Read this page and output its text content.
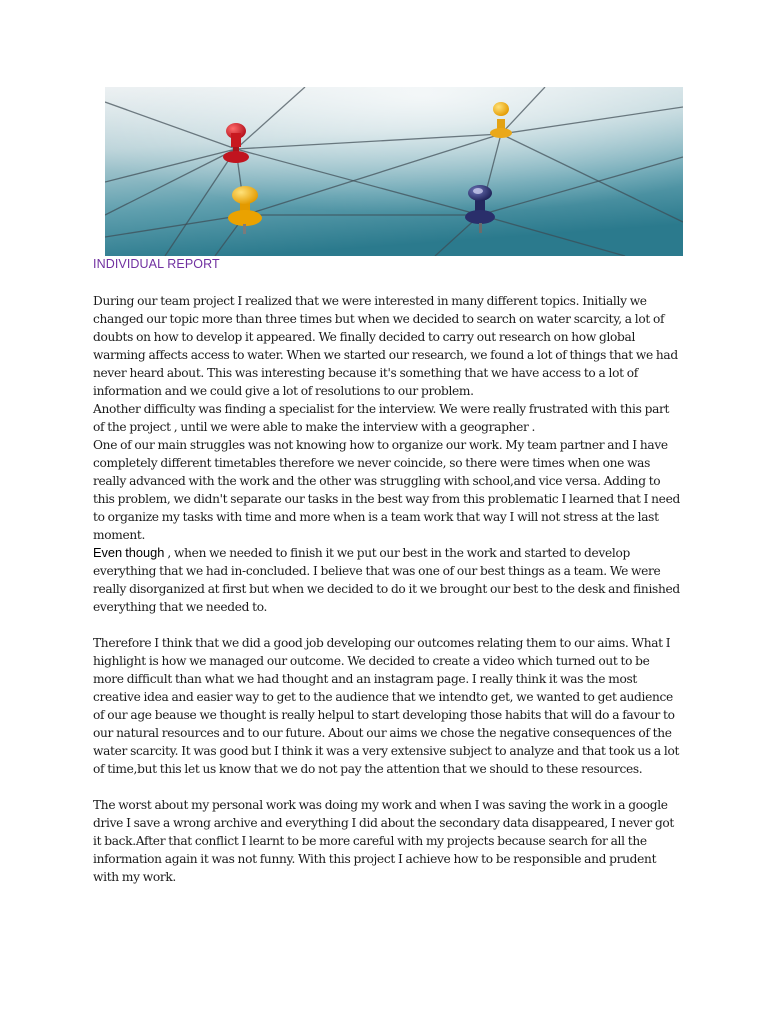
INDIVIDUAL REPORT

During our team project I realized that we were interested in many different topics. Initially we changed our topic more than three times but when we decided to search on water scarcity, a lot of doubts on how to develop it appeared. We finally decided to carry out research on how global warming affects access to water. When we started our research, we found a lot of things that we had never heard about. This was interesting because it's something that we have access to a lot of information and we could give a lot of resolutions to our problem.

Another difficulty was finding a specialist for the interview. We were really frustrated with this part of the project , until we were able to make the interview with a geographer .

One of our main struggles was not knowing how to organize our work. My team partner and I have completely different timetables therefore we never coincide, so there were times when one was really advanced with the work and the other was struggling with school,and vice versa. Adding to this problem, we didn't separate our tasks in the best way from this problematic I learned that I need to organize my tasks with time and more when is a team work that way I will not stress at the last moment.

Even though , when we needed to finish it we put our best in the work and started to develop everything that we had in-concluded. I believe that was one of our best things as a team. We were really disorganized at first but when we decided to do it we brought our best to the desk and finished everything that we needed to.

Therefore I think that we did a good job developing our outcomes relating them to our aims. What I highlight is how we managed our outcome. We decided to create a video which turned out to be more difficult than what we had thought and an instagram page. I really think it was the most creative idea and easier way to get to the audience that we intendto get, we wanted to get audience of our age beause we thought is really helpul to start developing those habits that will do a favour to our natural resources and to our future. About our aims we chose the negative consequences of the water scarcity. It was good but I think it was a very extensive subject to analyze and that took us a lot of time,but this let us know that we do not pay the attention that we should to these resources.

The worst about my personal work was doing my work and when I was saving the work in a google drive I save a wrong archive and everything I did about the secondary data disappeared, I never got it back.After that conflict I learnt to be more careful with my projects because search for all the information again it was not funny. With this project I achieve how to be responsible and prudent with my work.
